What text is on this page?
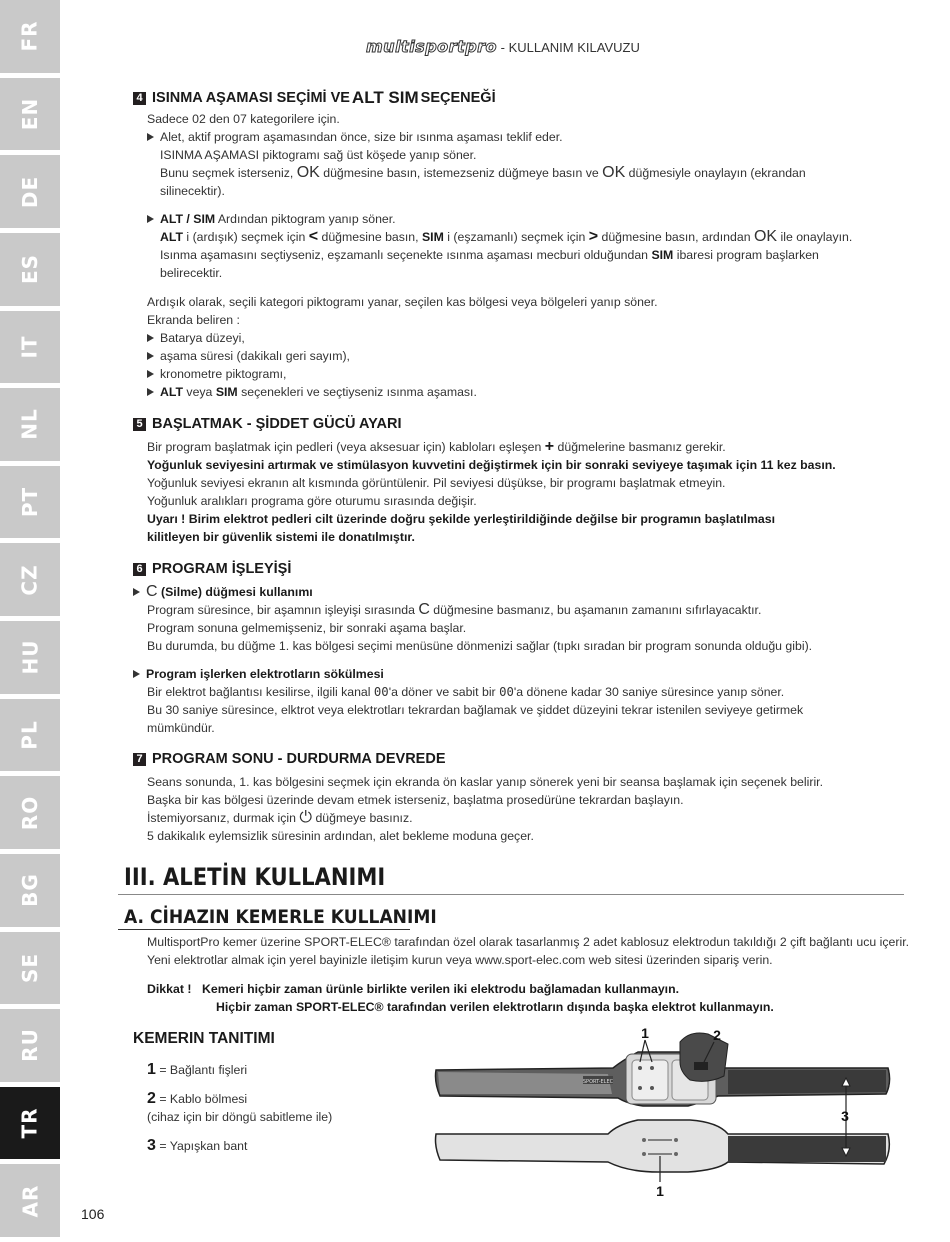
FR
EN
DE
ES
IT
NL
PT
CZ
HU
PL
RO
BG
SE
RU
TR
AR
multisportpro - KULLANIM KILAVUZU
4 ISINMA AŞAMASI SEÇİMİ VE ALT SIM SEÇENEĞİ
Sadece 02 den 07 kategorilere için.
Alet, aktif program aşamasından önce, size bir ısınma aşaması teklif eder.
ISINMA AŞAMASI piktogramı sağ üst köşede yanıp söner.
Bunu seçmek isterseniz, OK düğmesine basın, istemezseniz düğmeye basın ve OK düğmesiyle onaylayın (ekrandan
silinecektir).
ALT / SIM Ardından piktogram yanıp söner.
ALT i (ardışık) seçmek için < düğmesine basın, SIM i (eşzamanlı) seçmek için > düğmesine basın, ardından OK ile onaylayın.
Isınma aşamasını seçtiyseniz, eşzamanlı seçenekte ısınma aşaması mecburi olduğundan SIM ibaresi program başlarken
belirecektir.
Ardışık olarak, seçili kategori piktogramı yanar, seçilen kas bölgesi veya bölgeleri yanıp söner.
Ekranda beliren :
Batarya düzeyi,
aşama süresi (dakikalı geri sayım),
kronometre piktogramı,
ALT veya SIM seçenekleri ve seçtiyseniz ısınma aşaması.
5 BAŞLATMAK - ŞİDDET GÜCÜ AYARI
Bir program başlatmak için pedleri (veya aksesuar için) kabloları eşleşen + düğmelerine basmanız gerekir.
Yoğunluk seviyesini artırmak ve stimülasyon kuvvetini değiştirmek için bir sonraki seviyeye taşımak için 11 kez basın.
Yoğunluk seviyesi ekranın alt kısmında görüntülenir. Pil seviyesi düşükse, bir programı başlatmak etmeyin.
Yoğunluk aralıkları programa göre oturumu sırasında değişir.
Uyarı ! Birim elektrot pedleri cilt üzerinde doğru şekilde yerleştirildiğinde değilse bir programın başlatılması
kilitleyen bir güvenlik sistemi ile donatılmıştır.
6 PROGRAM İŞLEYİŞİ
C (Silme) düğmesi kullanımı
Program süresince, bir aşamnın işleyişi sırasında C düğmesine basmanız, bu aşamanın zamanını sıfırlayacaktır.
Program sonuna gelmemişseniz, bir sonraki aşama başlar.
Bu durumda, bu düğme 1. kas bölgesi seçimi menüsüne dönmenizi sağlar (tıpkı sıradan bir program sonunda olduğu gibi).
Program işlerken elektrotların sökülmesi
Bir elektrot bağlantısı kesilirse, ilgili kanal 00'a döner ve sabit bir 00'a dönene kadar 30 saniye süresince yanıp söner.
Bu 30 saniye süresince, elktrot veya elektrotları tekrardan bağlamak ve şiddet düzeyini tekrar istenilen seviyeye getirmek
mümkündür.
7 PROGRAM SONU - DURDURMA DEVREDE
Seans sonunda, 1. kas bölgesini seçmek için ekranda ön kaslar yanıp sönerek yeni bir seansa başlamak için seçenek belirir.
Başka bir kas bölgesi üzerinde devam etmek isterseniz, başlatma prosedürüne tekrardan başlayın.
İstemiyorsanız, durmak için ⏻ düğmeye basınız.
5 dakikalık eylemsizlik süresinin ardından, alet bekleme moduna geçer.
III. ALETİN KULLANIMI
A. CİHAZIN KEMERLE KULLANIMI
MultisportPro kemer üzerine SPORT-ELEC® tarafından özel olarak tasarlanmış 2 adet kablosuz elektrodun takıldığı 2 çift bağlantı ucu içerir.
Yeni elektrotlar almak için yerel bayinizle iletişim kurun veya www.sport-elec.com web sitesi üzerinden sipariş verin.
Dikkat ! Kemeri hiçbir zaman ürünle birlikte verilen iki elektrodu bağlamadan kullanmayın.
Hiçbir zaman SPORT-ELEC® tarafından verilen elektrotların dışında başka elektrot kullanmayın.
KEMERIN TANITIMI
1 = Bağlantı fişleri
2 = Kablo bölmesi
(cihaz için bir döngü sabitleme ile)
3 = Yapışkan bant
SPORT-ELEC
1	2
3
1
106
